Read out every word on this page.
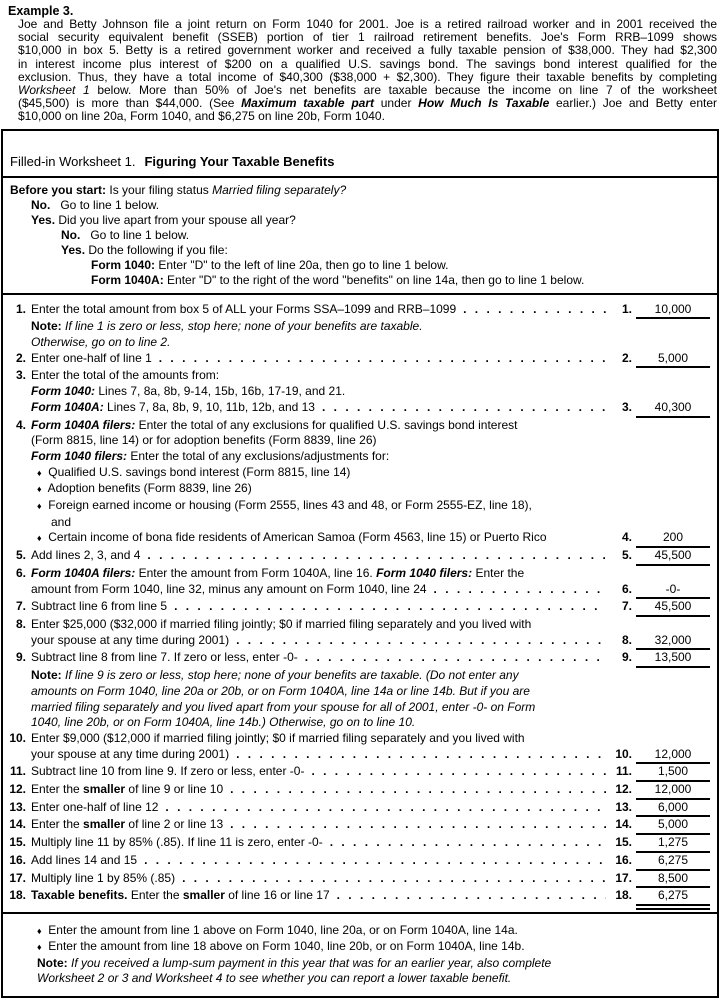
Example 3.
Joe and Betty Johnson file a joint return on Form 1040 for 2001. Joe is a retired railroad worker and in 2001 received the
social security equivalent benefit (SSEB) portion of tier 1 railroad retirement benefits. Joe's Form RRB–1099 shows
$10,000 in box 5. Betty is a retired government worker and received a fully taxable pension of $38,000. They had $2,300
in interest income plus interest of $200 on a qualified U.S. savings bond. The savings bond interest qualified for the
exclusion. Thus, they have a total income of $40,300 ($38,000 + $2,300). They figure their taxable benefits by completing
Worksheet 1 below. More than 50% of Joe's net benefits are taxable because the income on line 7 of the worksheet
($45,500) is more than $44,000. (See Maximum taxable part under How Much Is Taxable earlier.) Joe and Betty enter
$10,000 on line 20a, Form 1040, and $6,275 on line 20b, Form 1040.
Filled-in Worksheet 1. Figuring Your Taxable Benefits
Before you start: Is your filing status Married filing separately?
No.   Go to line 1 below.
Yes. Did you live apart from your spouse all year?
No.   Go to line 1 below.
Yes. Do the following if you file:
Form 1040: Enter "D" to the left of line 20a, then go to line 1 below.
Form 1040A: Enter "D" to the right of the word "benefits" on line 14a, then go to line 1 below.
1. Enter the total amount from box 5 of ALL your Forms SSA–1099 and RRB–1099 . . .	1.	10,000
Note: If line 1 is zero or less, stop here; none of your benefits are taxable.
Otherwise, go on to line 2.
2. Enter one-half of line 1 . . .	2.	5,000
3. Enter the total of the amounts from:
Form 1040: Lines 7, 8a, 8b, 9-14, 15b, 16b, 17-19, and 21.
Form 1040A: Lines 7, 8a, 8b, 9, 10, 11b, 12b, and 13 . . .	3.	40,300
4. Form 1040A filers: Enter the total of any exclusions for qualified U.S. savings bond interest
(Form 8815, line 14) or for adoption benefits (Form 8839, line 26)
Form 1040 filers: Enter the total of any exclusions/adjustments for:
♦  Qualified U.S. savings bond interest (Form 8815, line 14)
♦  Adoption benefits (Form 8839, line 26)
♦  Foreign earned income or housing (Form 2555, lines 43 and 48, or Form 2555-EZ, line 18),
and
♦  Certain income of bona fide residents of American Samoa (Form 4563, line 15) or Puerto Rico	4.	200
5. Add lines 2, 3, and 4 . . .	5.	45,500
6. Form 1040A filers: Enter the amount from Form 1040A, line 16. Form 1040 filers: Enter the
amount from Form 1040, line 32, minus any amount on Form 1040, line 24 . . .	6.	-0-
7. Subtract line 6 from line 5 . . .	7.	45,500
8. Enter $25,000 ($32,000 if married filing jointly; $0 if married filing separately and you lived with
your spouse at any time during 2001) . . .	8.	32,000
9. Subtract line 8 from line 7. If zero or less, enter -0- . . .	9.	13,500
Note: If line 9 is zero or less, stop here; none of your benefits are taxable. (Do not enter any
amounts on Form 1040, line 20a or 20b, or on Form 1040A, line 14a or line 14b. But if you are
married filing separately and you lived apart from your spouse for all of 2001, enter -0- on Form
1040, line 20b, or on Form 1040A, line 14b.) Otherwise, go on to line 10.
10. Enter $9,000 ($12,000 if married filing jointly; $0 if married filing separately and you lived with
your spouse at any time during 2001) . . .	10.	12,000
11. Subtract line 10 from line 9. If zero or less, enter -0- . . .	11.	1,500
12. Enter the smaller of line 9 or line 10 . . .	12.	12,000
13. Enter one-half of line 12 . . .	13.	6,000
14. Enter the smaller of line 2 or line 13 . . .	14.	5,000
15. Multiply line 11 by 85% (.85). If line 11 is zero, enter -0- . . .	15.	1,275
16. Add lines 14 and 15 . . .	16.	6,275
17. Multiply line 1 by 85% (.85) . . .	17.	8,500
18. Taxable benefits. Enter the smaller of line 16 or line 17 . . .	18.	6,275
♦  Enter the amount from line 1 above on Form 1040, line 20a, or on Form 1040A, line 14a.
♦  Enter the amount from line 18 above on Form 1040, line 20b, or on Form 1040A, line 14b.
Note: If you received a lump-sum payment in this year that was for an earlier year, also complete
Worksheet 2 or 3 and Worksheet 4 to see whether you can report a lower taxable benefit.
